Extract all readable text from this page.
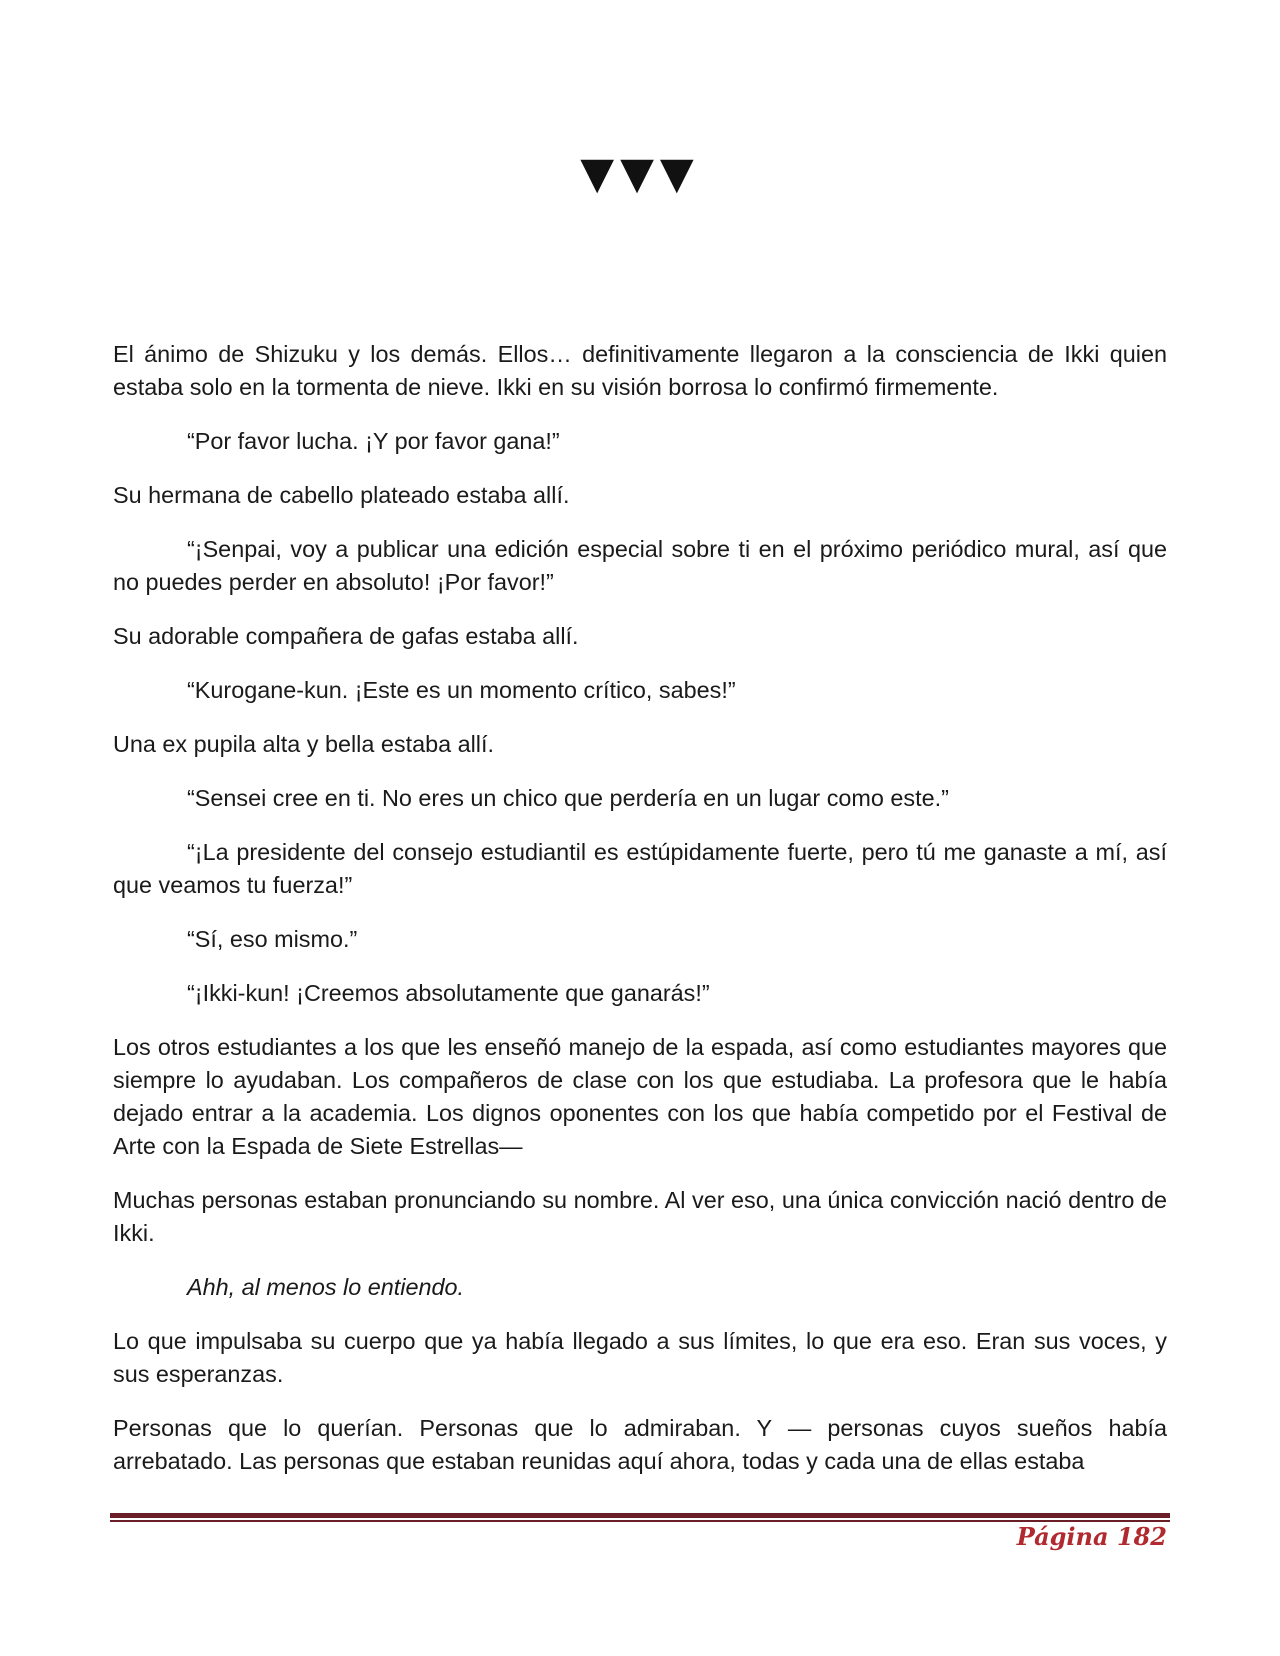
▼▼▼

El ánimo de Shizuku y los demás. Ellos… definitivamente llegaron a la consciencia de Ikki quien estaba solo en la tormenta de nieve. Ikki en su visión borrosa lo confirmó firmemente.

“Por favor lucha. ¡Y por favor gana!”

Su hermana de cabello plateado estaba allí.

“¡Senpai, voy a publicar una edición especial sobre ti en el próximo periódico mural, así que no puedes perder en absoluto! ¡Por favor!”

Su adorable compañera de gafas estaba allí.

“Kurogane-kun. ¡Este es un momento crítico, sabes!”

Una ex pupila alta y bella estaba allí.

“Sensei cree en ti. No eres un chico que perdería en un lugar como este.”

“¡La presidente del consejo estudiantil es estúpidamente fuerte, pero tú me ganaste a mí, así que veamos tu fuerza!”

“Sí, eso mismo.”

“¡Ikki-kun! ¡Creemos absolutamente que ganarás!”

Los otros estudiantes a los que les enseñó manejo de la espada, así como estudiantes mayores que siempre lo ayudaban. Los compañeros de clase con los que estudiaba. La profesora que le había dejado entrar a la academia. Los dignos oponentes con los que había competido por el Festival de Arte con la Espada de Siete Estrellas—

Muchas personas estaban pronunciando su nombre. Al ver eso, una única convicción nació dentro de Ikki.

Ahh, al menos lo entiendo.

Lo que impulsaba su cuerpo que ya había llegado a sus límites, lo que era eso. Eran sus voces, y sus esperanzas.

Personas que lo querían. Personas que lo admiraban. Y — personas cuyos sueños había arrebatado. Las personas que estaban reunidas aquí ahora, todas y cada una de ellas estaba

Página 182
